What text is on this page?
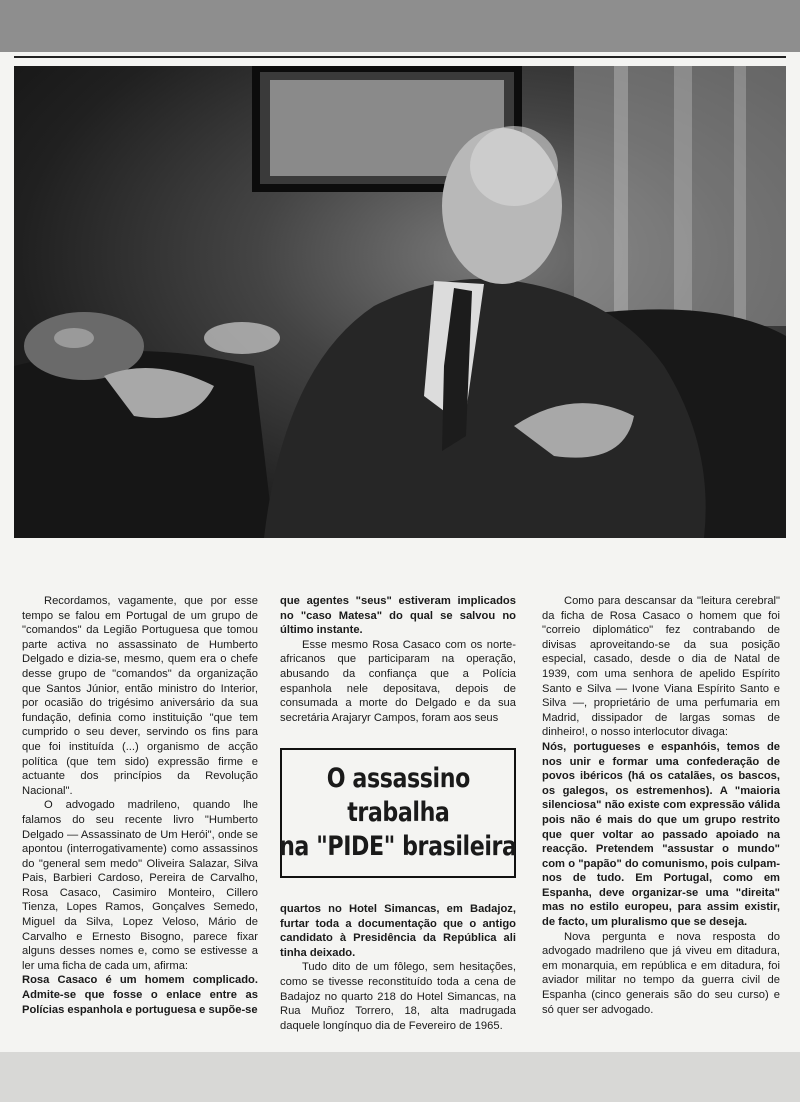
Recordamos, vagamente, que por esse tempo se falou em Portugal de um grupo de "comandos" da Legião Portuguesa que tomou parte activa no assassinato de Humberto Delgado e dizia-se, mesmo, quem era o chefe desse grupo de "comandos" da organização que Santos Júnior, então ministro do Interior, por ocasião do trigésimo aniversário da sua fundação, definia como instituição "que tem cumprido o seu dever, servindo os fins para que foi instituída (...) organismo de acção política (que tem sido) expressão firme e actuante dos princípios da Revolução Nacional".

O advogado madrileno, quando lhe falamos do seu recente livro "Humberto Delgado — Assassinato de Um Herói", onde se apontou (interrogativamente) como assassinos do "general sem medo" Oliveira Salazar, Silva Pais, Barbieri Cardoso, Pereira de Carvalho, Rosa Casaco, Casimiro Monteiro, Cillero Tienza, Lopes Ramos, Gonçalves Semedo, Miguel da Silva, Lopez Veloso, Mário de Carvalho e Ernesto Bisogno, parece fixar alguns desses nomes e, como se estivesse a ler uma ficha de cada um, afirma:

Rosa Casaco é um homem complicado. Admite-se que fosse o enlace entre as Polícias espanhola e portuguesa e supõe-se

que agentes "seus" estiveram implicados no "caso Matesa" do qual se salvou no último instante.

Esse mesmo Rosa Casaco com os norte-africanos que participaram na operação, abusando da confiança que a Polícia espanhola nele depositava, depois de consumada a morte do Delgado e da sua secretária Arajaryr Campos, foram aos seus

O assassino
trabalha
na "PIDE" brasileira

quartos no Hotel Simancas, em Badajoz, furtar toda a documentação que o antigo candidato à Presidência da República ali tinha deixado.

Tudo dito de um fôlego, sem hesitações, como se tivesse reconstituído toda a cena de Badajoz no quarto 218 do Hotel Simancas, na Rua Muñoz Torrero, 18, alta madrugada daquele longínquo dia de Fevereiro de 1965.

Como para descansar da "leitura cerebral" da ficha de Rosa Casaco o homem que foi "correio diplomático" fez contrabando de divisas aproveitando-se da sua posição especial, casado, desde o dia de Natal de 1939, com uma senhora de apelido Espírito Santo e Silva — Ivone Viana Espírito Santo e Silva —, proprietário de uma perfumaria em Madrid, dissipador de largas somas de dinheiro!, o nosso interlocutor divaga:

Nós, portugueses e espanhóis, temos de nos unir e formar uma confederação de povos ibéricos (há os catalães, os bascos, os galegos, os estremenhos). A "maioria silenciosa" não existe com expressão válida pois não é mais do que um grupo restrito que quer voltar ao passado apoiado na reacção. Pretendem "assustar o mundo" com o "papão" do comunismo, pois culpam-nos de tudo. Em Portugal, como em Espanha, deve organizar-se uma "direita" mas no estilo europeu, para assim existir, de facto, um pluralismo que se deseja.

Nova pergunta e nova resposta do advogado madrileno que já viveu em ditadura, em monarquia, em república e em ditadura, foi aviador militar no tempo da guerra civil de Espanha (cinco generais são do seu curso) e só quer ser advogado.
